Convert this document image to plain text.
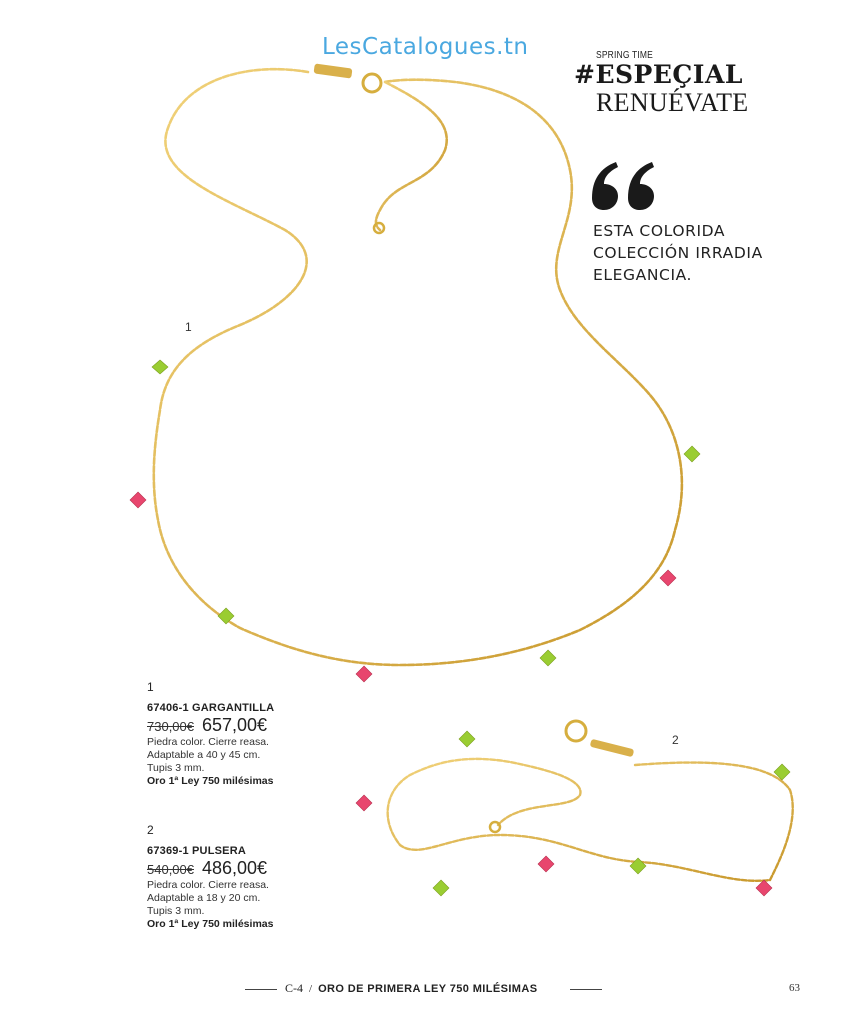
LesCatalogues.tn	SPRING TIME
#ESPEÇIAL
RENUÉVATE
ESTA COLORIDA
COLECCIÓN IRRADIA
ELEGANCIA.
1
2
1
67406-1 GARGANTILLA
730,00€ 657,00€
Piedra color. Cierre reasa.
Adaptable a 40 y 45 cm.
Tupis 3 mm.
Oro 1ª Ley 750 milésimas
2
67369-1 PULSERA
540,00€ 486,00€
Piedra color. Cierre reasa.
Adaptable a 18 y 20 cm.
Tupis 3 mm.
Oro 1ª Ley 750 milésimas
C-4 / ORO DE PRIMERA LEY 750 MILÉSIMAS	63
